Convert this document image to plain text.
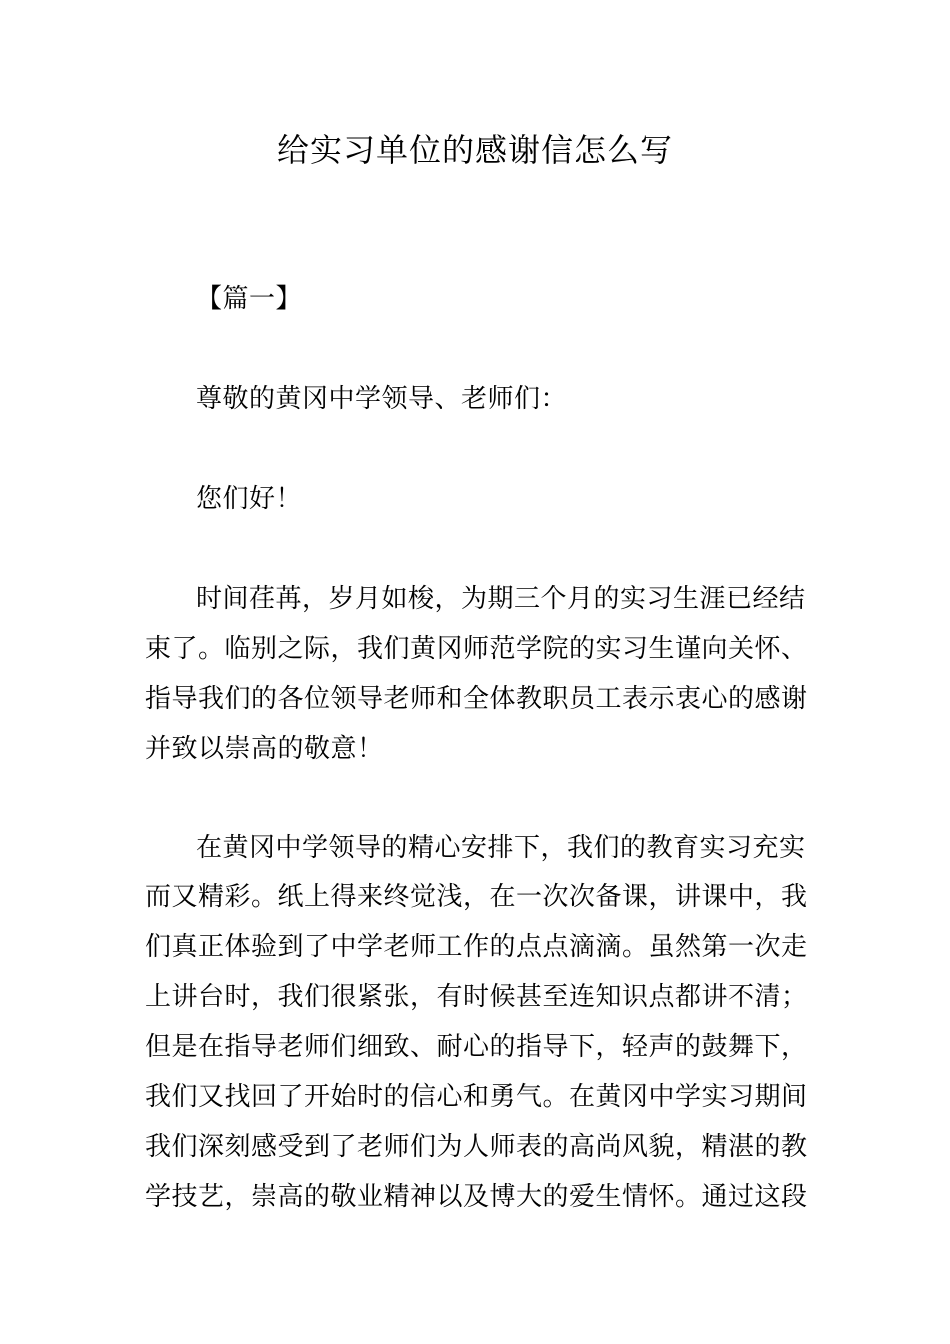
给实习单位的感谢信怎么写
【篇一】
尊敬的黄冈中学领导、老师们：
您们好！
时间荏苒，岁月如梭，为期三个月的实习生涯已经结
束了。临别之际，我们黄冈师范学院的实习生谨向关怀、
指导我们的各位领导老师和全体教职员工表示衷心的感谢
并致以崇高的敬意！
在黄冈中学领导的精心安排下，我们的教育实习充实
而又精彩。纸上得来终觉浅，在一次次备课，讲课中，我
们真正体验到了中学老师工作的点点滴滴。虽然第一次走
上讲台时，我们很紧张，有时候甚至连知识点都讲不清；
但是在指导老师们细致、耐心的指导下，轻声的鼓舞下，
我们又找回了开始时的信心和勇气。在黄冈中学实习期间
我们深刻感受到了老师们为人师表的高尚风貌，精湛的教
学技艺，崇高的敬业精神以及博大的爱生情怀。通过这段
